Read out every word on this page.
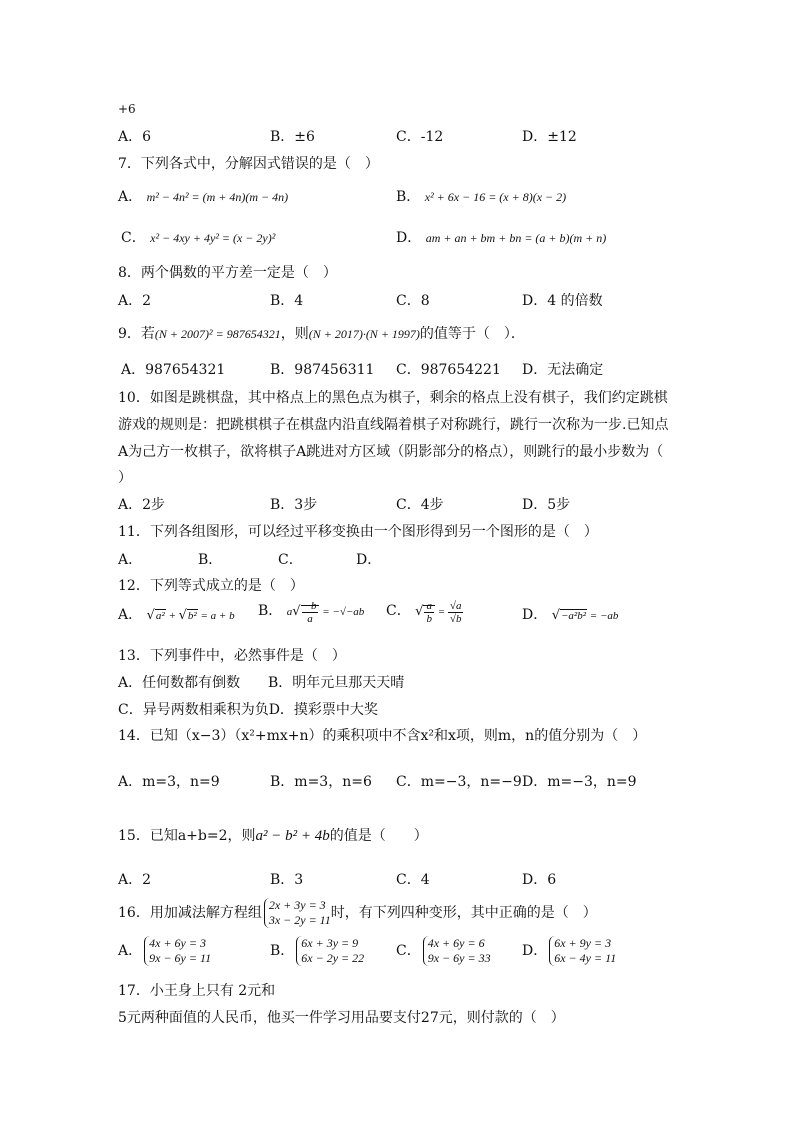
+6
A．6	B．±6	C．-12	D．±12
7．下列各式中，分解因式错误的是（　）
A． m² − 4n² = (m + 4n)(m − 4n)	B． x² + 6x − 16 = (x + 8)(x − 2)
C． x² − 4xy + 4y² = (x − 2y)²	D． am + an + bm + bn = (a + b)(m + n)
8．两个偶数的平方差一定是（　）
A．2	B．4	C．8	D．4 的倍数
9．若(N + 2007)² = 987654321，则(N + 2017)·(N + 1997)的值等于（　）．
A．987654321	B．987456311 C．987654221 D．无法确定
10．如图是跳棋盘，其中格点上的黑色点为棋子，剩余的格点上没有棋子，我们约定跳棋
游戏的规则是：把跳棋棋子在棋盘内沿直线隔着棋子对称跳行，跳行一次称为一步.已知点
A为己方一枚棋子，欲将棋子A跳进对方区域（阴影部分的格点），则跳行的最小步数为（
）
A．2步	B．3步	C．4步	D．5步
11．下列各组图形，可以经过平移变换由一个图形得到另一个图形的是（　）
A．	B．	C．	D．
12．下列等式成立的是（　）
A． √a² + √b² = a + b B． $a√ \frac{-b}{a} = -√-ab$ C． √ $\frac{a}{b} = \frac{√a}{√b}$	D． √−a²b² = −ab
13．下列事件中，必然事件是（　）
A．任何数都有倒数 B．明年元旦那天天晴
C．异号两数相乘积为负D．摸彩票中大奖
14．已知（x−3）（x²+mx+n）的乘积项中不含x²和x项，则m，n的值分别为（　）
A．m=3，n=9	B．m=3，n=6 C．m=−3，n=−9 D．m=−3，n=9
15．已知a+b=2，则a² − b² + 4b的值是（　　）
A．2	B．3	C．4	D．6
16．用加减法解方程组 2x + 3y = 3
3x − 2y = 11 时，有下列四种变形，其中正确的是（　）
A． 4x + 6y = 3
9x − 6y = 11	B． 6x + 3y = 9
6x − 2y = 22 C． 4x + 6y = 6
9x − 6y = 33 D． 6x + 9y = 3
6x − 4y = 11
17．小王身上只有 2元和
5元两种面值的人民币，他买一件学习用品要支付27元，则付款的（　）
